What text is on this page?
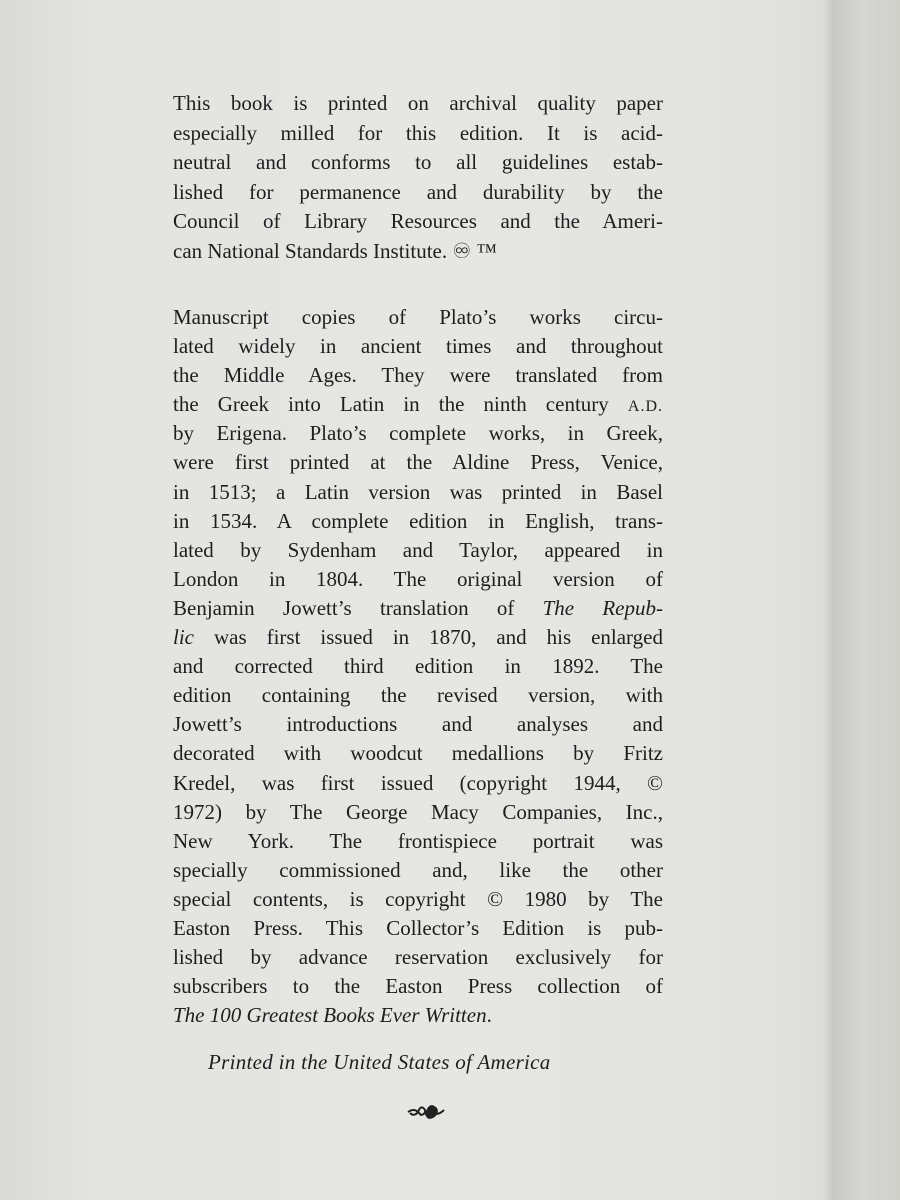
This book is printed on archival quality paper
especially milled for this edition. It is acid-
neutral and conforms to all guidelines estab-
lished for permanence and durability by the
Council of Library Resources and the Ameri-
can National Standards Institute. ♾ ™
Manuscript copies of Plato’s works circu-
lated widely in ancient times and throughout
the Middle Ages. They were translated from
the Greek into Latin in the ninth century A.D.
by Erigena. Plato’s complete works, in Greek,
were first printed at the Aldine Press, Venice,
in 1513; a Latin version was printed in Basel
in 1534. A complete edition in English, trans-
lated by Sydenham and Taylor, appeared in
London in 1804. The original version of
Benjamin Jowett’s translation of The Repub-
lic was first issued in 1870, and his enlarged
and corrected third edition in 1892. The
edition containing the revised version, with
Jowett’s introductions and analyses and
decorated with woodcut medallions by Fritz
Kredel, was first issued (copyright 1944, ©
1972) by The George Macy Companies, Inc.,
New York. The frontispiece portrait was
specially commissioned and, like the other
special contents, is copyright © 1980 by The
Easton Press. This Collector’s Edition is pub-
lished by advance reservation exclusively for
subscribers to the Easton Press collection of
The 100 Greatest Books Ever Written.
Printed in the United States of America
